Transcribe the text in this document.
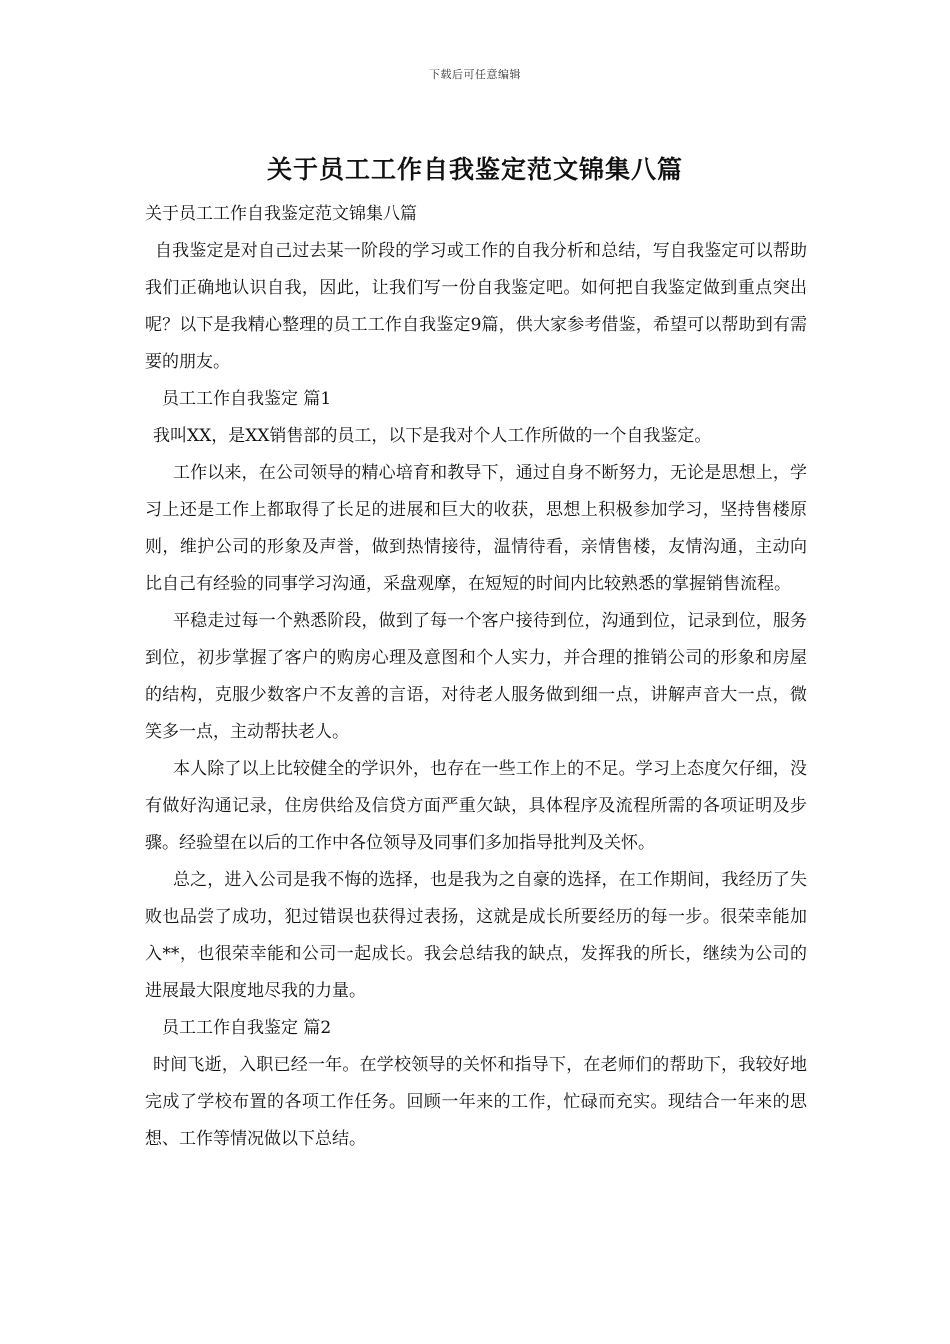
下载后可任意编辑
关于员工工作自我鉴定范文锦集八篇

关于员工工作自我鉴定范文锦集八篇

自我鉴定是对自己过去某一阶段的学习或工作的自我分析和总结，写自我鉴定可以帮助我们正确地认识自我，因此，让我们写一份自我鉴定吧。如何把自我鉴定做到重点突出呢？以下是我精心整理的员工工作自我鉴定9篇，供大家参考借鉴，希望可以帮助到有需要的朋友。

员工工作自我鉴定 篇1

我叫XX，是XX销售部的员工，以下是我对个人工作所做的一个自我鉴定。

工作以来，在公司领导的精心培育和教导下，通过自身不断努力，无论是思想上，学习上还是工作上都取得了长足的进展和巨大的收获，思想上积极参加学习，坚持售楼原则，维护公司的形象及声誉，做到热情接待，温情待看，亲情售楼，友情沟通，主动向比自己有经验的同事学习沟通，采盘观摩，在短短的时间内比较熟悉的掌握销售流程。

平稳走过每一个熟悉阶段，做到了每一个客户接待到位，沟通到位，记录到位，服务到位，初步掌握了客户的购房心理及意图和个人实力，并合理的推销公司的形象和房屋的结构，克服少数客户不友善的言语，对待老人服务做到细一点，讲解声音大一点，微笑多一点，主动帮扶老人。

本人除了以上比较健全的学识外，也存在一些工作上的不足。学习上态度欠仔细，没有做好沟通记录，住房供给及信贷方面严重欠缺，具体程序及流程所需的各项证明及步骤。经验望在以后的工作中各位领导及同事们多加指导批判及关怀。

总之，进入公司是我不悔的选择，也是我为之自豪的选择，在工作期间，我经历了失败也品尝了成功，犯过错误也获得过表扬，这就是成长所要经历的每一步。很荣幸能加入**，也很荣幸能和公司一起成长。我会总结我的缺点，发挥我的所长，继续为公司的进展最大限度地尽我的力量。

员工工作自我鉴定 篇2

时间飞逝，入职已经一年。在学校领导的关怀和指导下，在老师们的帮助下，我较好地完成了学校布置的各项工作任务。回顾一年来的工作，忙碌而充实。现结合一年来的思想、工作等情况做以下总结。
